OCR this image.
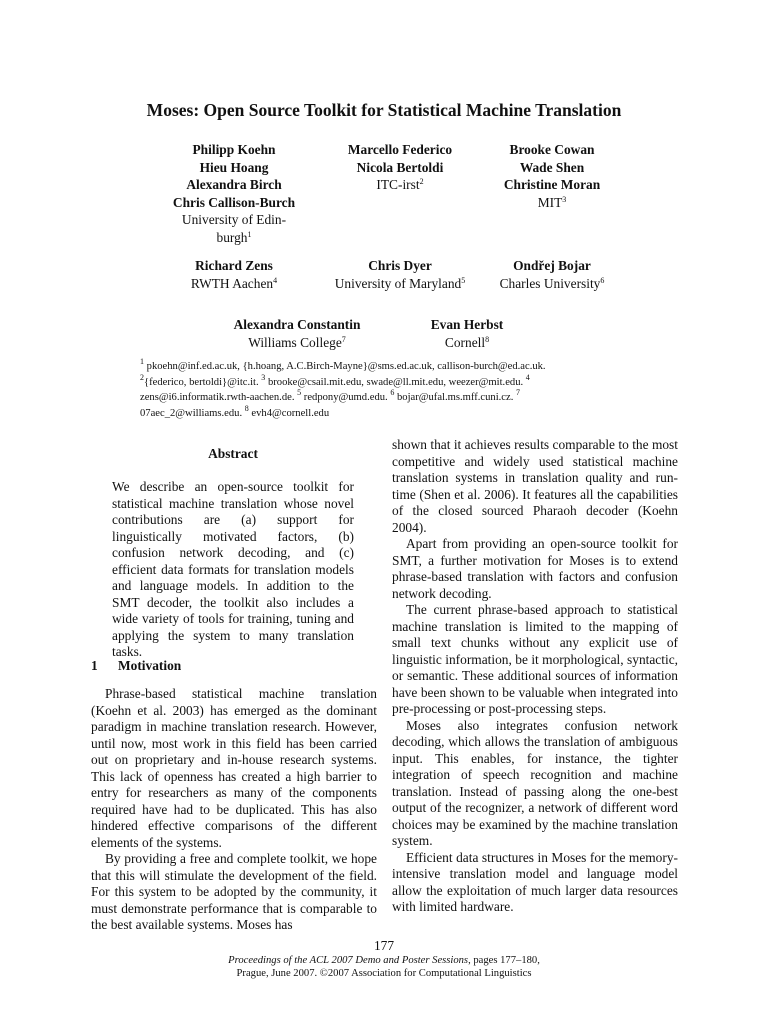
Moses: Open Source Toolkit for Statistical Machine Translation
Philipp Koehn
Hieu Hoang
Alexandra Birch
Chris Callison-Burch
University of Edin-
burgh$^1$
Marcello Federico
Nicola Bertoldi
ITC-irst$^2$
Brooke Cowan
Wade Shen
Christine Moran
MIT$^3$
Richard Zens
RWTH Aachen$^4$
Chris Dyer
University of Maryland$^5$
Ondřej Bojar
Charles University$^6$
Alexandra Constantin
Williams College$^7$
Evan Herbst
Cornell$^8$
$^1$ pkoehn@inf.ed.ac.uk, {h.hoang, A.C.Birch-Mayne}@sms.ed.ac.uk, callison-burch@ed.ac.uk.
$^2${federico, bertoldi}@itc.it. $^3$ brooke@csail.mit.edu, swade@ll.mit.edu, weezer@mit.edu. $^4$
zens@i6.informatik.rwth-aachen.de. $^5$ redpony@umd.edu. $^6$ bojar@ufal.ms.mff.cuni.cz. $^7$
07aec_2@williams.edu. $^8$ evh4@cornell.edu
Abstract

We describe an open-source toolkit for statistical machine translation whose novel contributions are (a) support for linguistically motivated factors, (b) confusion network decoding, and (c) efficient data formats for translation models and language models. In addition to the SMT decoder, the toolkit also includes a wide variety of tools for training, tuning and applying the system to many translation tasks.

1 Motivation

Phrase-based statistical machine translation (Koehn et al. 2003) has emerged as the dominant paradigm in machine translation research. However, until now, most work in this field has been carried out on proprietary and in-house research systems. This lack of openness has created a high barrier to entry for researchers as many of the components required have had to be duplicated. This has also hindered effective comparisons of the different elements of the systems.

By providing a free and complete toolkit, we hope that this will stimulate the development of the field. For this system to be adopted by the community, it must demonstrate performance that is comparable to the best available systems. Moses has

shown that it achieves results comparable to the most competitive and widely used statistical machine translation systems in translation quality and run-time (Shen et al. 2006). It features all the capabilities of the closed sourced Pharaoh decoder (Koehn 2004).

Apart from providing an open-source toolkit for SMT, a further motivation for Moses is to extend phrase-based translation with factors and confusion network decoding.

The current phrase-based approach to statistical machine translation is limited to the mapping of small text chunks without any explicit use of linguistic information, be it morphological, syntactic, or semantic. These additional sources of information have been shown to be valuable when integrated into pre-processing or post-processing steps.

Moses also integrates confusion network decoding, which allows the translation of ambiguous input. This enables, for instance, the tighter integration of speech recognition and machine translation. Instead of passing along the one-best output of the recognizer, a network of different word choices may be examined by the machine translation system.

Efficient data structures in Moses for the memory-intensive translation model and language model allow the exploitation of much larger data resources with limited hardware.

177
Proceedings of the ACL 2007 Demo and Poster Sessions, pages 177–180,
Prague, June 2007. ©2007 Association for Computational Linguistics
